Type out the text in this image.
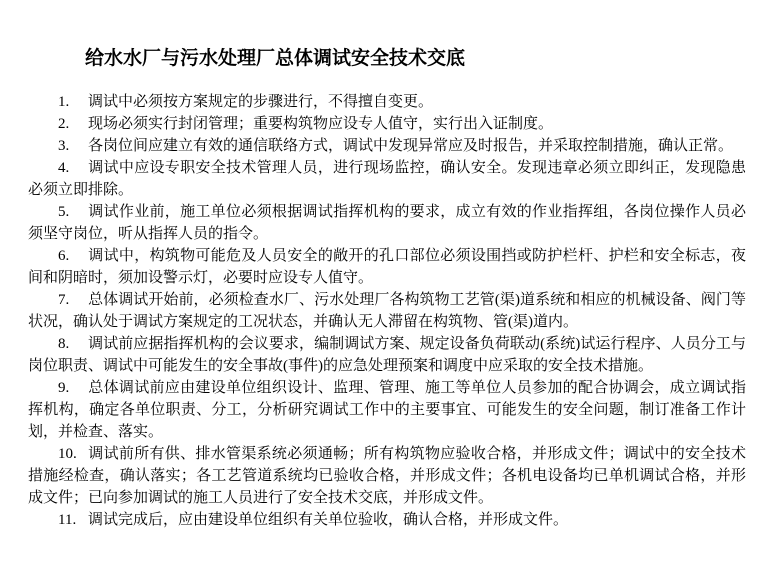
给水水厂与污水处理厂总体调试安全技术交底

1. 调试中必须按方案规定的步骤进行，不得擅自变更。

2. 现场必须实行封闭管理；重要构筑物应设专人值守，实行出入证制度。

3. 各岗位间应建立有效的通信联络方式，调试中发现异常应及时报告，并采取控制措施，确认正常。

4. 调试中应设专职安全技术管理人员，进行现场监控，确认安全。发现违章必须立即纠正，发现隐患必须立即排除。

5. 调试作业前，施工单位必须根据调试指挥机构的要求，成立有效的作业指挥组，各岗位操作人员必须坚守岗位，听从指挥人员的指令。

6. 调试中，构筑物可能危及人员安全的敞开的孔口部位必须设围挡或防护栏杆、护栏和安全标志，夜间和阴暗时，须加设警示灯，必要时应设专人值守。

7. 总体调试开始前，必须检查水厂、污水处理厂各构筑物工艺管(渠)道系统和相应的机械设备、阀门等状况，确认处于调试方案规定的工况状态，并确认无人滞留在构筑物、管(渠)道内。

8. 调试前应据指挥机构的会议要求，编制调试方案、规定设备负荷联动(系统)试运行程序、人员分工与岗位职责、调试中可能发生的安全事故(事件)的应急处理预案和调度中应采取的安全技术措施。

9. 总体调试前应由建设单位组织设计、监理、管理、施工等单位人员参加的配合协调会，成立调试指挥机构，确定各单位职责、分工，分析研究调试工作中的主要事宜、可能发生的安全问题，制订准备工作计划，并检查、落实。

10. 调试前所有供、排水管渠系统必须通畅；所有构筑物应验收合格，并形成文件；调试中的安全技术措施经检查，确认落实；各工艺管道系统均已验收合格，并形成文件；各机电设备均已单机调试合格，并形成文件；已向参加调试的施工人员进行了安全技术交底，并形成文件。

11. 调试完成后，应由建设单位组织有关单位验收，确认合格，并形成文件。
